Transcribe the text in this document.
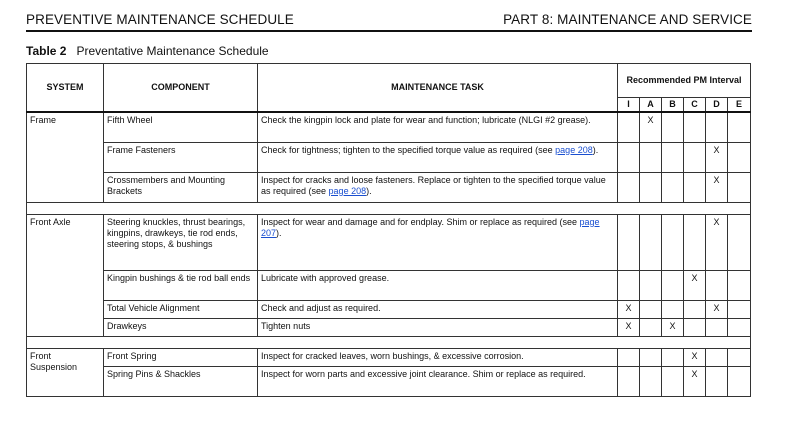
PREVENTIVE MAINTENANCE SCHEDULE	PART 8: MAINTENANCE AND SERVICE
Table 2 Preventative Maintenance Schedule
SYSTEM	COMPONENT	MAINTENANCE TASK	Recommended PM Interval					
			I	A	B	C	D	E
Frame	Fifth Wheel	Check the kingpin lock and plate for wear and function; lubricate (NLGI #2 grease).		X				
	Frame Fasteners	Check for tightness; tighten to the specified torque value as required (see page 208).					X	
	Crossmembers and Mounting Brackets	Inspect for cracks and loose fasteners. Replace or tighten to the specified torque value as required (see page 208).					X	

Front Axle	Steering knuckles, thrust bearings, kingpins, drawkeys, tie rod ends, steering stops, & bushings	Inspect for wear and damage and for endplay. Shim or replace as required (see page 207).					X	
	Kingpin bushings & tie rod ball ends	Lubricate with approved grease.				X		
	Total Vehicle Alignment	Check and adjust as required.	X				X	
	Drawkeys	Tighten nuts	X		X			

Front Suspension	Front Spring	Inspect for cracked leaves, worn bushings, & excessive corrosion.				X		
	Spring Pins & Shackles	Inspect for worn parts and excessive joint clearance. Shim or replace as required.				X		
